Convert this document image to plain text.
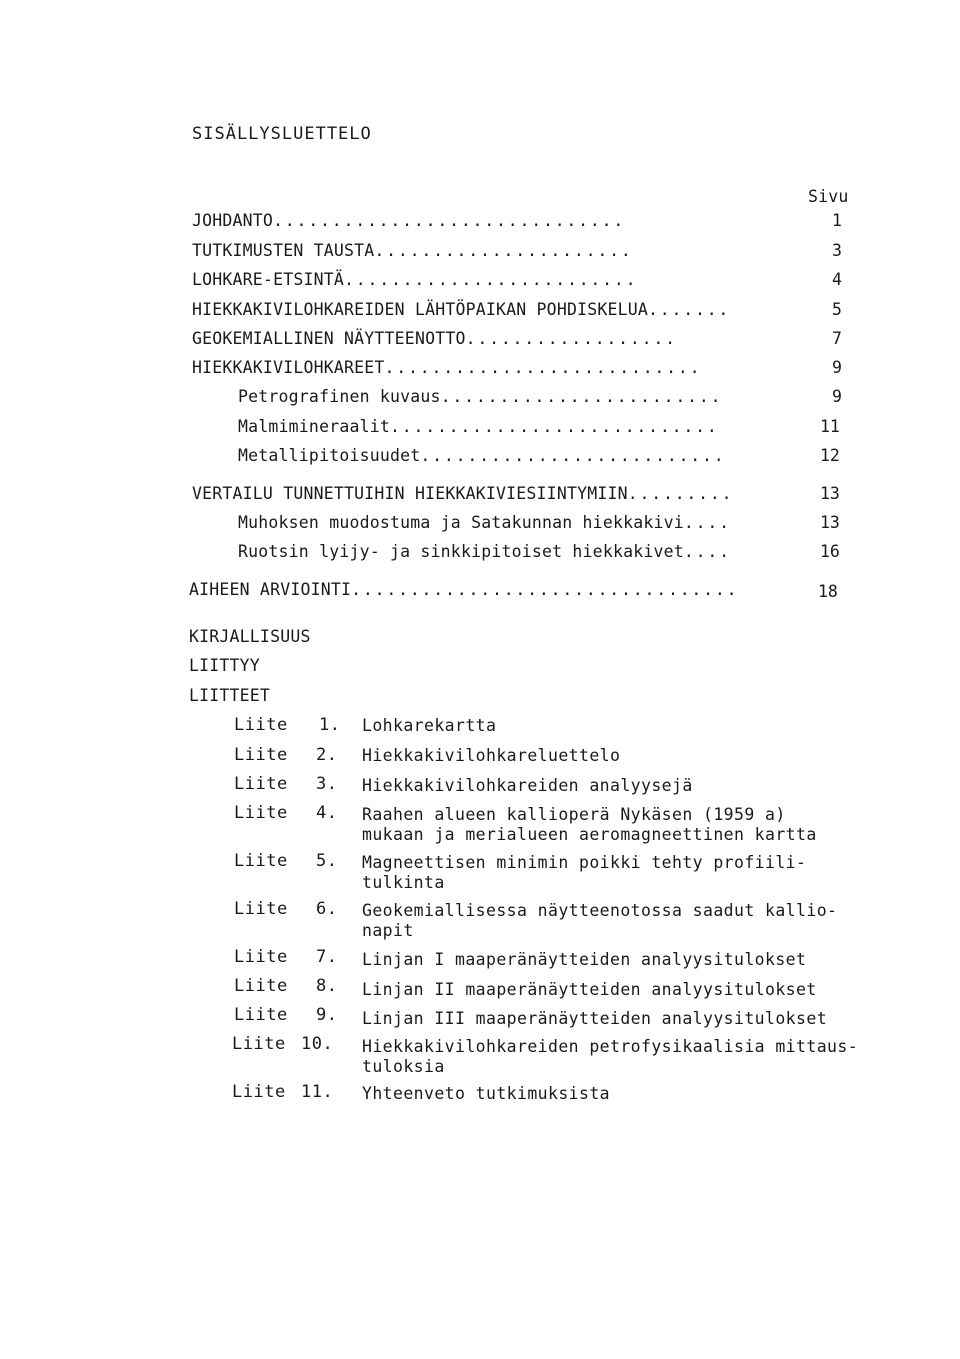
SISÄLLYSLUETTELO
Sivu
JOHDANTO..............................	1
TUTKIMUSTEN TAUSTA......................	3
LOHKARE-ETSINTÄ.........................	4
HIEKKAKIVILOHKAREIDEN LÄHTÖPAIKAN POHDISKELUA.......	5
GEOKEMIALLINEN NÄYTTEENOTTO..................	7
HIEKKAKIVILOHKAREET...........................	9
Petrografinen kuvaus........................	9
Malmimineraalit............................	11
Metallipitoisuudet..........................	12
VERTAILU TUNNETTUIHIN HIEKKAKIVIESIINTYMIIN.........	13
Muhoksen muodostuma ja Satakunnan hiekkakivi....	13
Ruotsin lyijy- ja sinkkipitoiset hiekkakivet....	16
AIHEEN ARVIOINTI.................................	18
KIRJALLISUUS
LIITTYY
LIITTEET
Liite 1. Lohkarekartta
Liite 2. Hiekkakivilohkareluettelo
Liite 3. Hiekkakivilohkareiden analyysejä
Liite 4. Raahen alueen kallioperä Nykäsen (1959 a)
mukaan ja merialueen aeromagneettinen kartta
Liite 5. Magneettisen minimin poikki tehty profiili-
tulkinta
Liite 6. Geokemiallisessa näytteenotossa saadut kallio-
napit
Liite 7. Linjan I maaperänäytteiden analyysitulokset
Liite 8. Linjan II maaperänäytteiden analyysitulokset
Liite 9. Linjan III maaperänäytteiden analyysitulokset
Liite 10. Hiekkakivilohkareiden petrofysikaalisia mittaus-
tuloksia
Liite 11. Yhteenveto tutkimuksista
